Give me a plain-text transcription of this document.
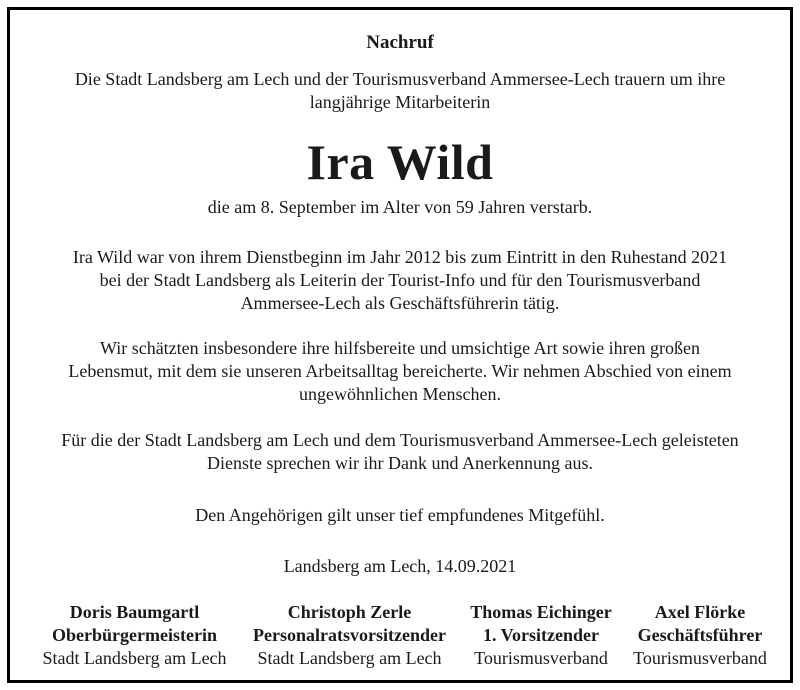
Nachruf
Die Stadt Landsberg am Lech und der Tourismusverband Ammersee-Lech trauern um ihre
langjährige Mitarbeiterin
Ira Wild
die am 8. September im Alter von 59 Jahren verstarb.
Ira Wild war von ihrem Dienstbeginn im Jahr 2012 bis zum Eintritt in den Ruhestand 2021
bei der Stadt Landsberg als Leiterin der Tourist-Info und für den Tourismusverband
Ammersee-Lech als Geschäftsführerin tätig.
Wir schätzten insbesondere ihre hilfsbereite und umsichtige Art sowie ihren großen
Lebensmut, mit dem sie unseren Arbeitsalltag bereicherte. Wir nehmen Abschied von einem
ungewöhnlichen Menschen.
Für die der Stadt Landsberg am Lech und dem Tourismusverband Ammersee-Lech geleisteten
Dienste sprechen wir ihr Dank und Anerkennung aus.
Den Angehörigen gilt unser tief empfundenes Mitgefühl.
Landsberg am Lech, 14.09.2021
Doris Baumgartl
Oberbürgermeisterin
Stadt Landsberg am Lech
Christoph Zerle
Personalratsvorsitzender
Stadt Landsberg am Lech
Thomas Eichinger
1. Vorsitzender
Tourismusverband
Axel Flörke
Geschäftsführer
Tourismusverband
